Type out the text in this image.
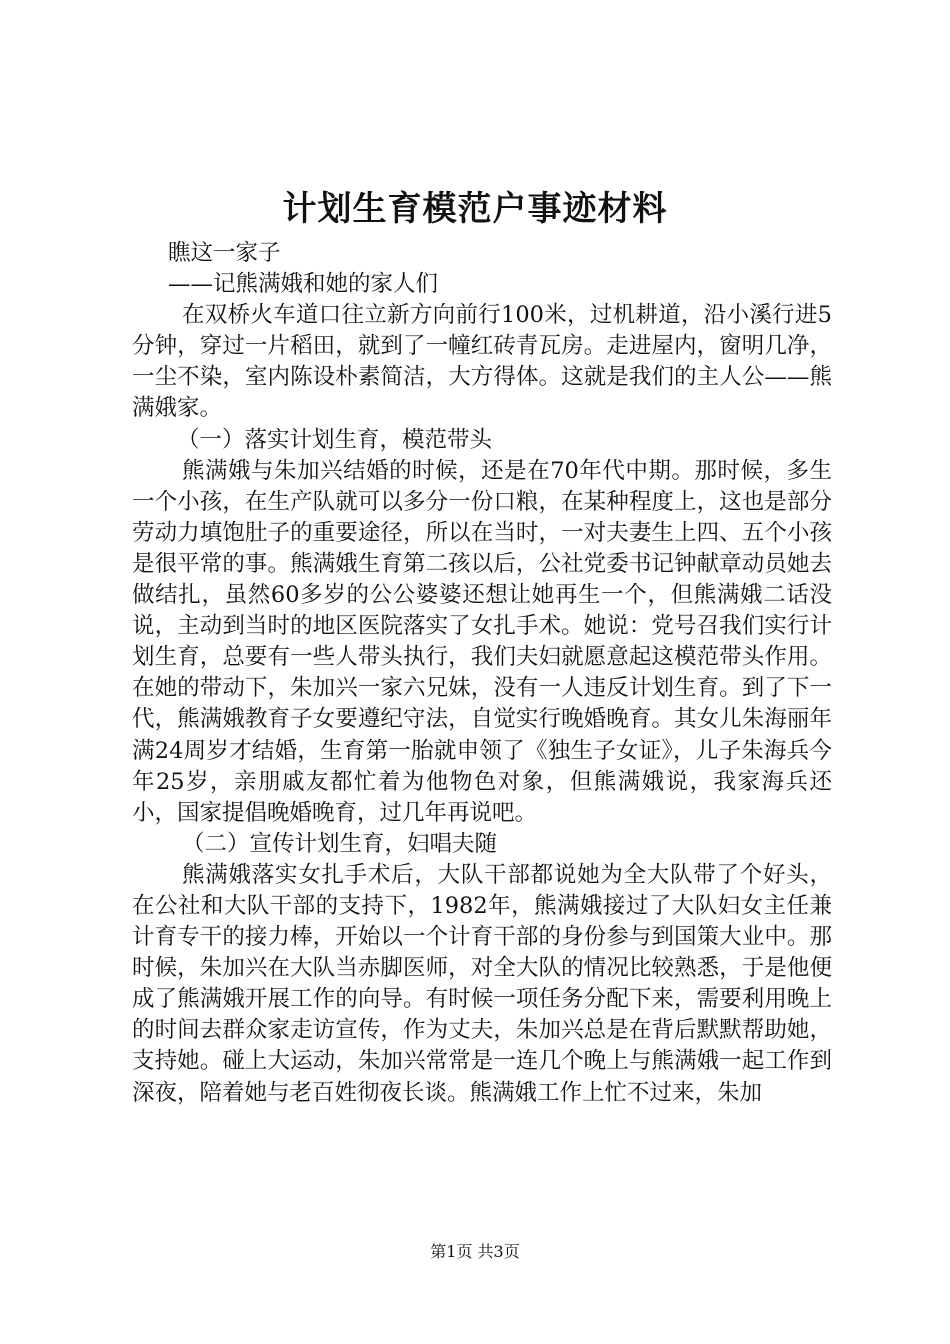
计划生育模范户事迹材料

瞧这一家子

——记熊满娥和她的家人们

在双桥火车道口往立新方向前行100米，过机耕道，沿小溪行进5分钟，穿过一片稻田，就到了一幢红砖青瓦房。走进屋内，窗明几净，一尘不染，室内陈设朴素简洁，大方得体。这就是我们的主人公——熊满娥家。

（一）落实计划生育，模范带头

熊满娥与朱加兴结婚的时候，还是在70年代中期。那时候，多生一个小孩，在生产队就可以多分一份口粮，在某种程度上，这也是部分劳动力填饱肚子的重要途径，所以在当时，一对夫妻生上四、五个小孩是很平常的事。熊满娥生育第二孩以后，公社党委书记钟献章动员她去做结扎，虽然60多岁的公公婆婆还想让她再生一个，但熊满娥二话没说，主动到当时的地区医院落实了女扎手术。她说：党号召我们实行计划生育，总要有一些人带头执行，我们夫妇就愿意起这模范带头作用。在她的带动下，朱加兴一家六兄妹，没有一人违反计划生育。到了下一代，熊满娥教育子女要遵纪守法，自觉实行晚婚晚育。其女儿朱海丽年满24周岁才结婚，生育第一胎就申领了《独生子女证》，儿子朱海兵今年25岁，亲朋戚友都忙着为他物色对象，但熊满娥说，我家海兵还小，国家提倡晚婚晚育，过几年再说吧。

（二）宣传计划生育，妇唱夫随

熊满娥落实女扎手术后，大队干部都说她为全大队带了个好头，在公社和大队干部的支持下，1982年，熊满娥接过了大队妇女主任兼计育专干的接力棒，开始以一个计育干部的身份参与到国策大业中。那时候，朱加兴在大队当赤脚医师，对全大队的情况比较熟悉，于是他便成了熊满娥开展工作的向导。有时候一项任务分配下来，需要利用晚上的时间去群众家走访宣传，作为丈夫，朱加兴总是在背后默默帮助她，支持她。碰上大运动，朱加兴常常是一连几个晚上与熊满娥一起工作到深夜，陪着她与老百姓彻夜长谈。熊满娥工作上忙不过来，朱加

第1页 共3页
